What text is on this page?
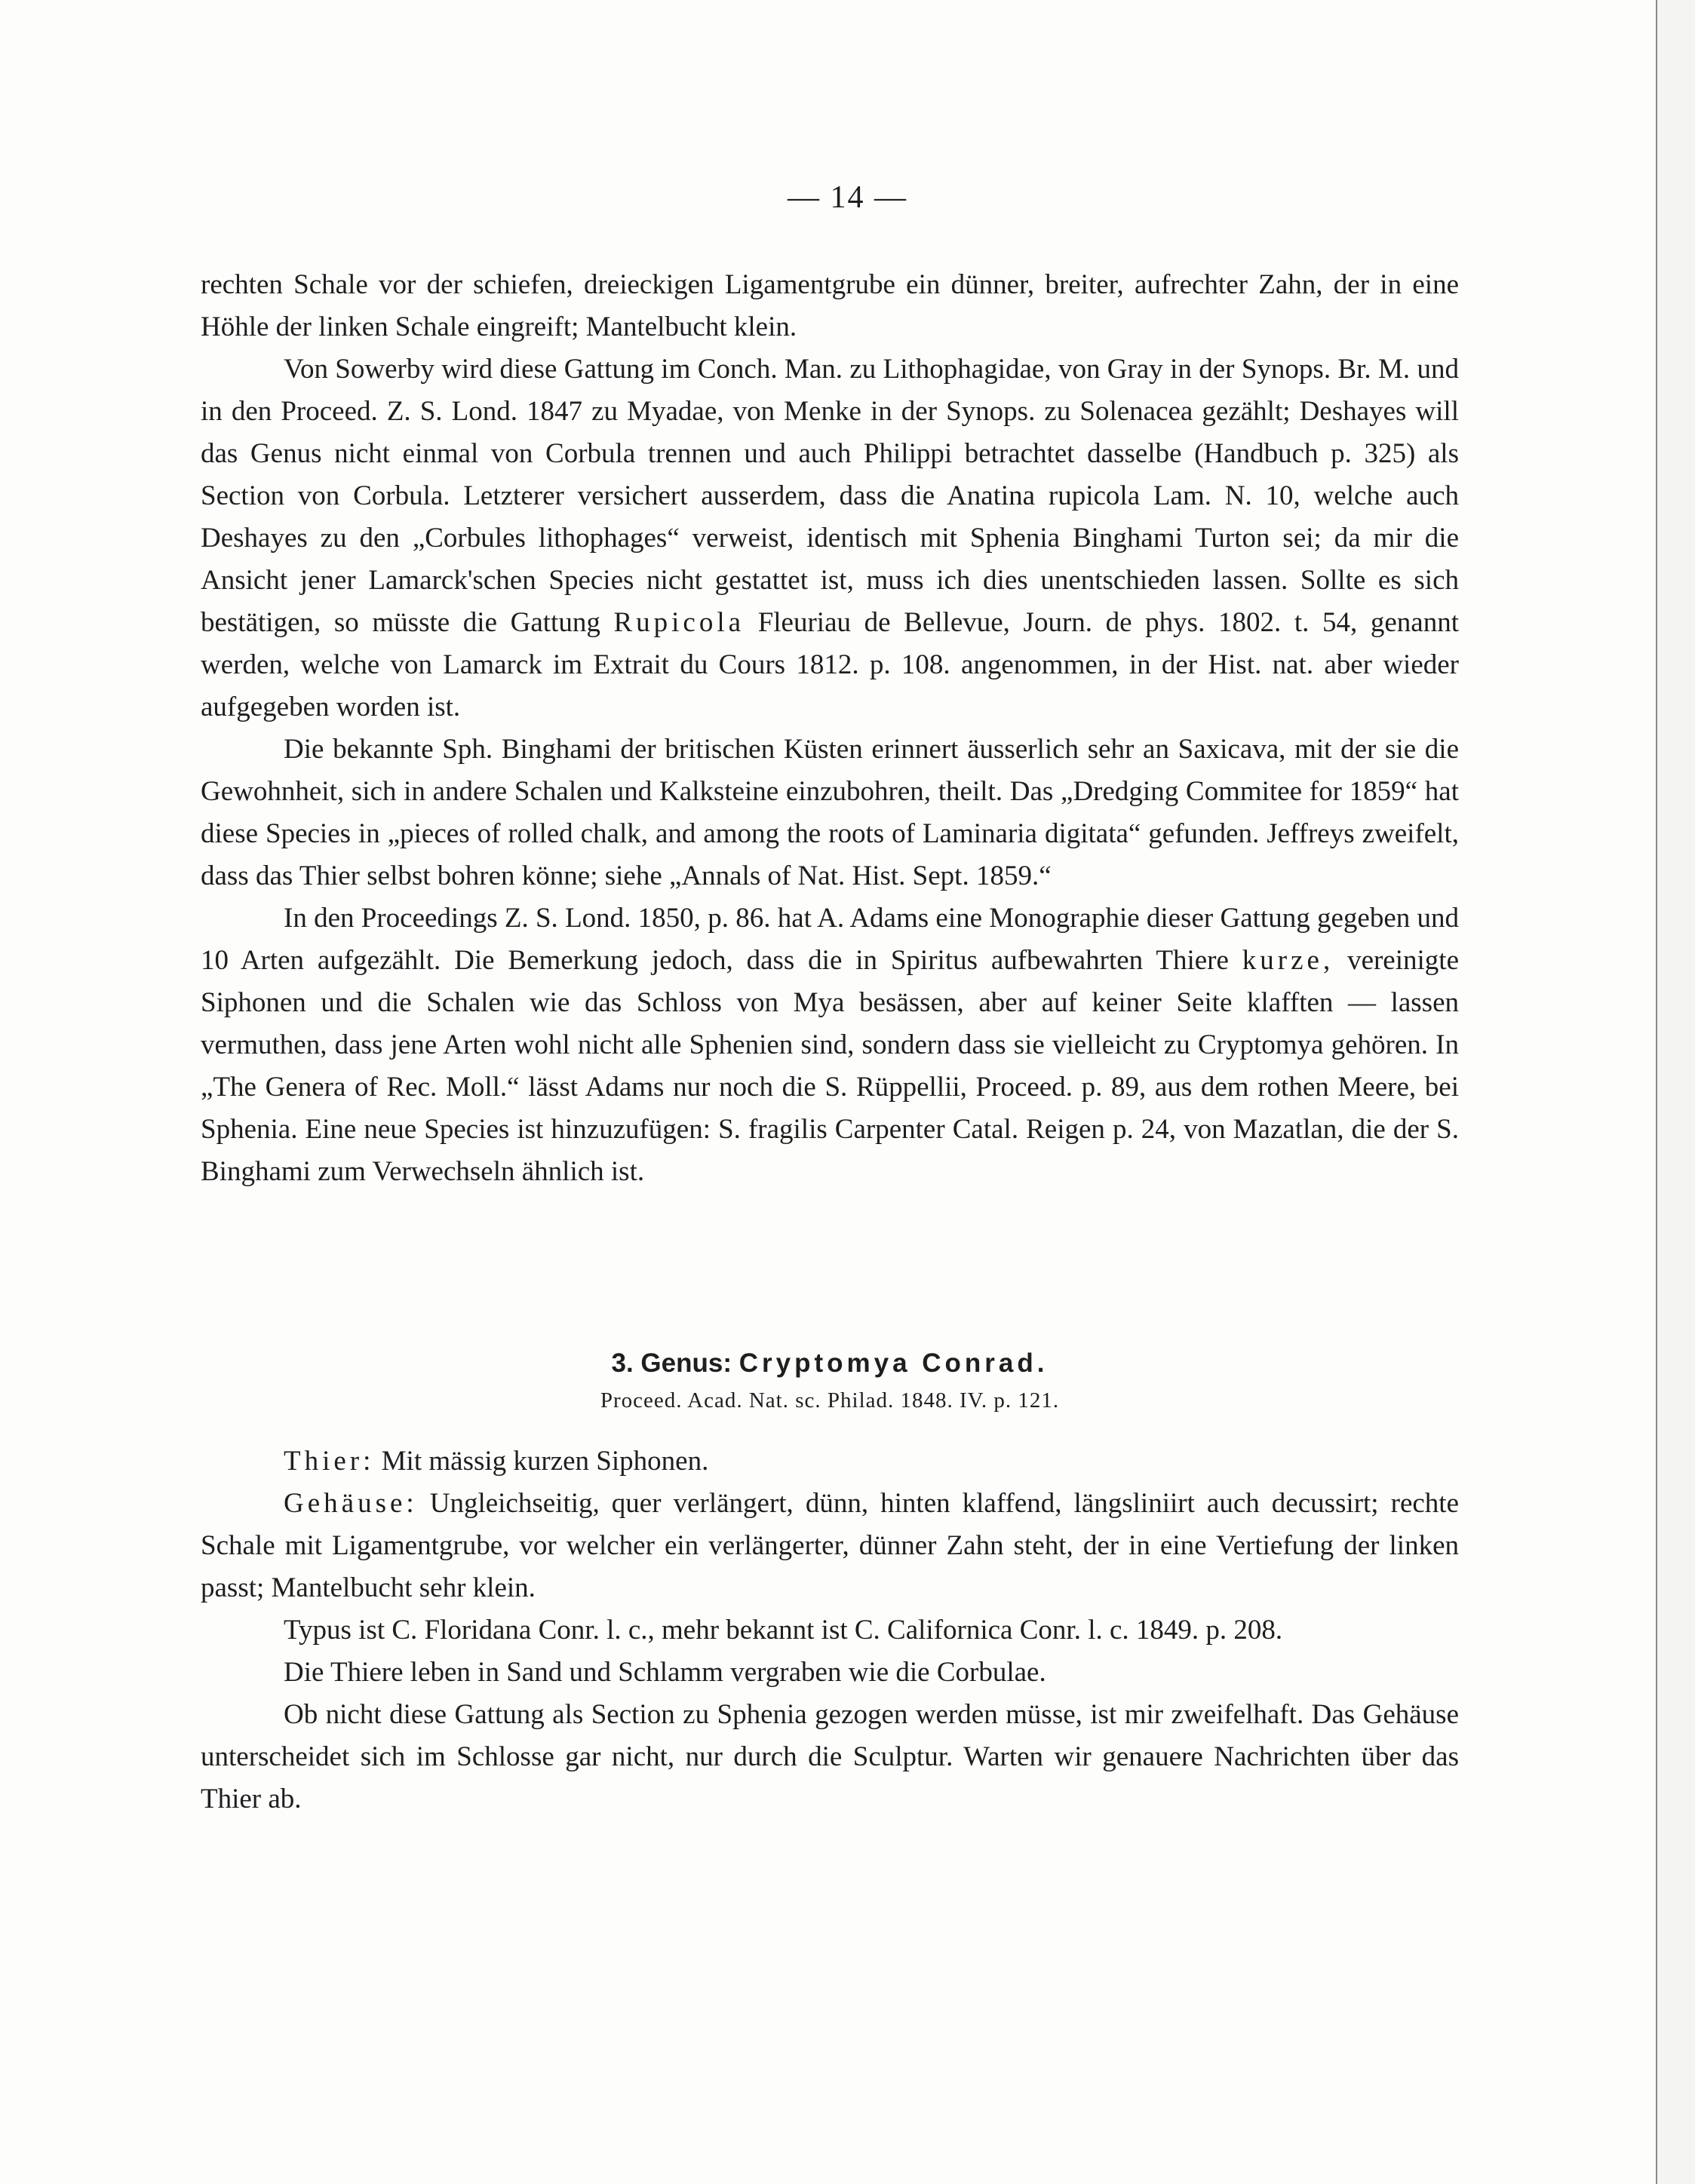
— 14 —

rechten Schale vor der schiefen, dreieckigen Ligamentgrube ein dünner, breiter, aufrechter Zahn, der in eine Höhle der linken Schale eingreift; Mantelbucht klein.

Von Sowerby wird diese Gattung im Conch. Man. zu Lithophagidae, von Gray in der Synops. Br. M. und in den Proceed. Z. S. Lond. 1847 zu Myadae, von Menke in der Synops. zu Solenacea gezählt; Deshayes will das Genus nicht einmal von Corbula trennen und auch Philippi betrachtet dasselbe (Handbuch p. 325) als Section von Corbula. Letzterer versichert ausserdem, dass die Anatina rupicola Lam. N. 10, welche auch Deshayes zu den „Corbules lithophages“ verweist, identisch mit Sphenia Binghami Turton sei; da mir die Ansicht jener Lamarck'schen Species nicht gestattet ist, muss ich dies unentschieden lassen. Sollte es sich bestätigen, so müsste die Gattung Rupicola Fleuriau de Bellevue, Journ. de phys. 1802. t. 54, genannt werden, welche von Lamarck im Extrait du Cours 1812. p. 108. angenommen, in der Hist. nat. aber wieder aufgegeben worden ist.

Die bekannte Sph. Binghami der britischen Küsten erinnert äusserlich sehr an Saxicava, mit der sie die Gewohnheit, sich in andere Schalen und Kalksteine einzubohren, theilt. Das „Dredging Commitee for 1859“ hat diese Species in „pieces of rolled chalk, and among the roots of Laminaria digitata“ gefunden. Jeffreys zweifelt, dass das Thier selbst bohren könne; siehe „Annals of Nat. Hist. Sept. 1859.“

In den Proceedings Z. S. Lond. 1850, p. 86. hat A. Adams eine Monographie dieser Gattung gegeben und 10 Arten aufgezählt. Die Bemerkung jedoch, dass die in Spiritus aufbewahrten Thiere kurze, vereinigte Siphonen und die Schalen wie das Schloss von Mya besässen, aber auf keiner Seite klafften — lassen vermuthen, dass jene Arten wohl nicht alle Sphenien sind, sondern dass sie vielleicht zu Cryptomya gehören. In „The Genera of Rec. Moll.“ lässt Adams nur noch die S. Rüppellii, Proceed. p. 89, aus dem rothen Meere, bei Sphenia. Eine neue Species ist hinzuzufügen: S. fragilis Carpenter Catal. Reigen p. 24, von Mazatlan, die der S. Binghami zum Verwechseln ähnlich ist.

3. Genus: Cryptomya Conrad.
Proceed. Acad. Nat. sc. Philad. 1848. IV. p. 121.

Thier: Mit mässig kurzen Siphonen.

Gehäuse: Ungleichseitig, quer verlängert, dünn, hinten klaffend, längsliniirt auch decussirt; rechte Schale mit Ligamentgrube, vor welcher ein verlängerter, dünner Zahn steht, der in eine Vertiefung der linken passt; Mantelbucht sehr klein.

Typus ist C. Floridana Conr. l. c., mehr bekannt ist C. Californica Conr. l. c. 1849. p. 208.

Die Thiere leben in Sand und Schlamm vergraben wie die Corbulae.

Ob nicht diese Gattung als Section zu Sphenia gezogen werden müsse, ist mir zweifelhaft. Das Gehäuse unterscheidet sich im Schlosse gar nicht, nur durch die Sculptur. Warten wir genauere Nachrichten über das Thier ab.
